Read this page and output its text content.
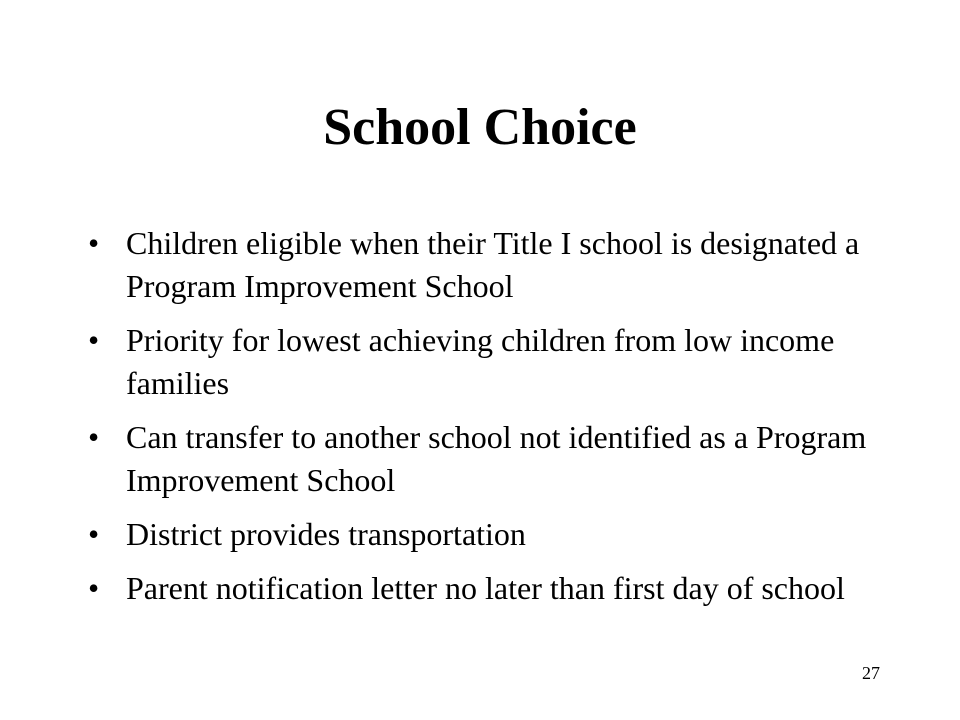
School Choice
• Children eligible when their Title I school is designated a Program Improvement School
• Priority for lowest achieving children from low income families
• Can transfer to another school not identified as a Program Improvement School
• District provides transportation
• Parent notification letter no later than first day of school
27
